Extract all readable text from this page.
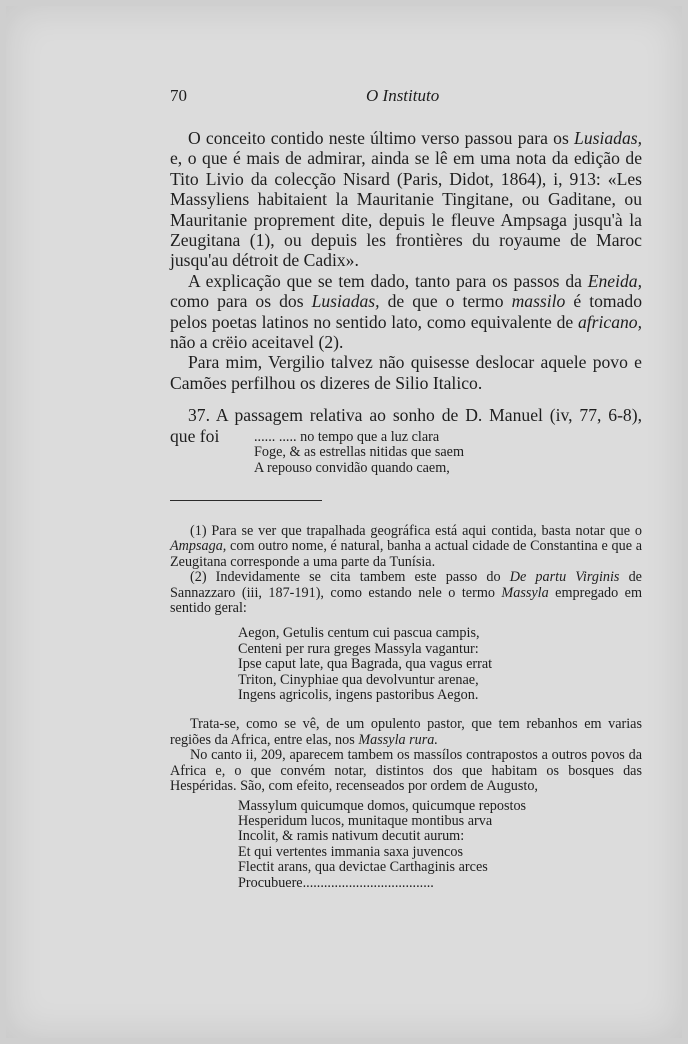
70	O Instituto

O conceito contido neste último verso passou para os Lusiadas, e, o que é mais de admirar, ainda se lê em uma nota da edição de Tito Livio da colecção Nisard (Paris, Didot, 1864), i, 913: «Les Massyliens habitaient la Mauritanie Tingitane, ou Gaditane, ou Mauritanie proprement dite, depuis le fleuve Ampsaga jusqu'à la Zeugitana (1), ou depuis les frontières du royaume de Maroc jusqu'au détroit de Cadix».

A explicação que se tem dado, tanto para os passos da Eneida, como para os dos Lusiadas, de que o termo massilo é tomado pelos poetas latinos no sentido lato, como equivalente de africano, não a crëio aceitavel (2).

Para mim, Vergilio talvez não quisesse deslocar aquele povo e Camões perfilhou os dizeres de Silio Italico.

37. A passagem relativa ao sonho de D. Manuel (iv, 77, 6-8), que foi	...... ..... no tempo que a luz clara
Foge, & as estrellas nitidas que saem
A repouso convidão quando caem,

(1) Para se ver que trapalhada geográfica está aqui contida, basta notar que o Ampsaga, com outro nome, é natural, banha a actual cidade de Constantina e que a Zeugitana corresponde a uma parte da Tunísia.

(2) Indevidamente se cita tambem este passo do De partu Virginis de Sannazzaro (iii, 187-191), como estando nele o termo Massyla empregado em sentido geral:

Aegon, Getulis centum cui pascua campis,
Centeni per rura greges Massyla vagantur:
Ipse caput late, qua Bagrada, qua vagus errat
Triton, Cinyphiae qua devolvuntur arenae,
Ingens agricolis, ingens pastoribus Aegon.

Trata-se, como se vê, de um opulento pastor, que tem rebanhos em varias regiões da Africa, entre elas, nos Massyla rura.

No canto ii, 209, aparecem tambem os massílos contrapostos a outros povos da Africa e, o que convém notar, distintos dos que habitam os bosques das Hespéridas. São, com efeito, recenseados por ordem de Augusto,

Massylum quicumque domos, quicumque repostos
Hesperidum lucos, munitaque montibus arva
Incolit, & ramis nativum decutit aurum:
Et qui vertentes immania saxa juvencos
Flectit arans, qua devictae Carthaginis arces
Procubuere.....................................
